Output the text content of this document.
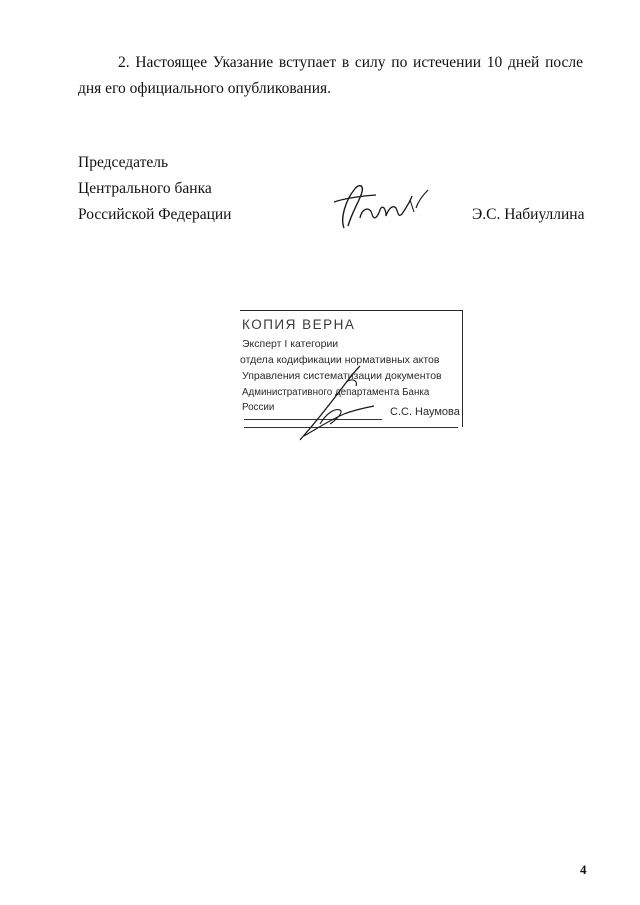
2. Настоящее Указание вступает в силу по истечении 10 дней после дня его официального опубликования.

Председатель
Центрального банка
Российской Федерации	Э.С. Набиуллина
КОПИЯ ВЕРНА
Эксперт I категории
отдела кодификации нормативных актов
Управления систематизации документов
Административного департамента Банка России	С.С. Наумова
4
